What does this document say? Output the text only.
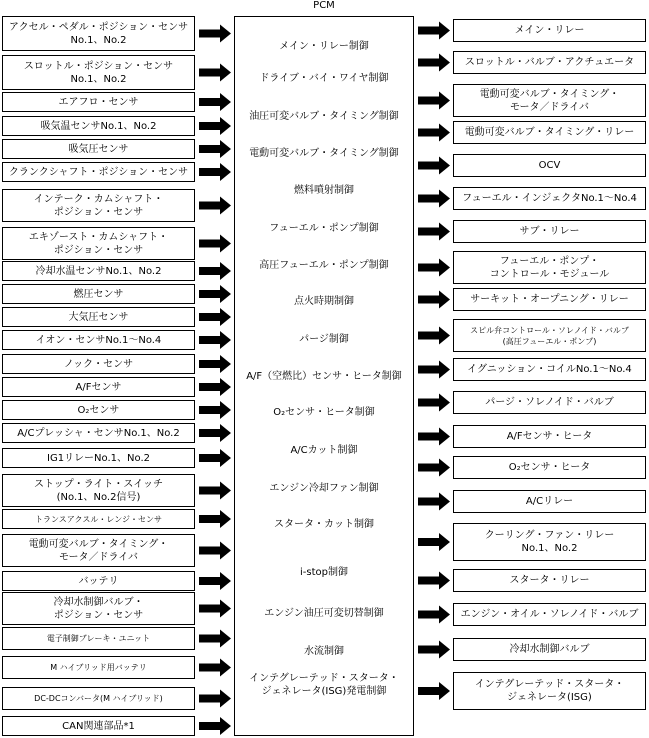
PCM
メイン・リレー制御
ドライブ・バイ・ワイヤ制御
油圧可変バルブ・タイミング制御
電動可変バルブ・タイミング制御
燃料噴射制御
フューエル・ポンプ制御
高圧フューエル・ポンプ制御
点火時期制御
パージ制御
A/F（空燃比）センサ・ヒータ制御
O₂センサ・ヒータ制御
A/Cカット制御
エンジン冷却ファン制御
スタータ・カット制御
i-stop制御
エンジン油圧可変切替制御
水流制御
インテグレーテッド・スタータ・
ジェネレータ(ISG)発電制御
アクセル・ペダル・ポジション・センサ
No.1、No.2
スロットル・ポジション・センサ
No.1、No.2
エアフロ・センサ
吸気温センサNo.1、No.2
吸気圧センサ
クランクシャフト・ポジション・センサ
インテーク・カムシャフト・
ポジション・センサ
エキゾースト・カムシャフト・
ポジション・センサ
冷却水温センサNo.1、No.2
燃圧センサ
大気圧センサ
イオン・センサNo.1〜No.4
ノック・センサ
A/Fセンサ
O₂センサ
A/Cプレッシャ・センサNo.1、No.2
IG1リレーNo.1、No.2
ストップ・ライト・スイッチ
(No.1、No.2信号)
トランスアクスル・レンジ・センサ
電動可変バルブ・タイミング・
モータ／ドライバ
バッテリ
冷却水制御バルブ・
ポジション・センサ
電子制御ブレーキ・ユニット
M ハイブリッド用バッテリ
DC-DCコンバータ(M ハイブリッド)
CAN関連部品*1
メイン・リレー
スロットル・バルブ・アクチュエータ
電動可変バルブ・タイミング・
モータ／ドライバ
電動可変バルブ・タイミング・リレー
OCV
フューエル・インジェクタNo.1〜No.4
サブ・リレー
フューエル・ポンプ・
コントロール・モジュール
サーキット・オープニング・リレー
スピル弁コントロール・ソレノイド・バルブ
(高圧フューエル・ポンプ)
イグニッション・コイルNo.1〜No.4
パージ・ソレノイド・バルブ
A/Fセンサ・ヒータ
O₂センサ・ヒータ
A/Cリレー
クーリング・ファン・リレー
No.1、No.2
スタータ・リレー
エンジン・オイル・ソレノイド・バルブ
冷却水制御バルブ
インテグレーテッド・スタータ・
ジェネレータ(ISG)
